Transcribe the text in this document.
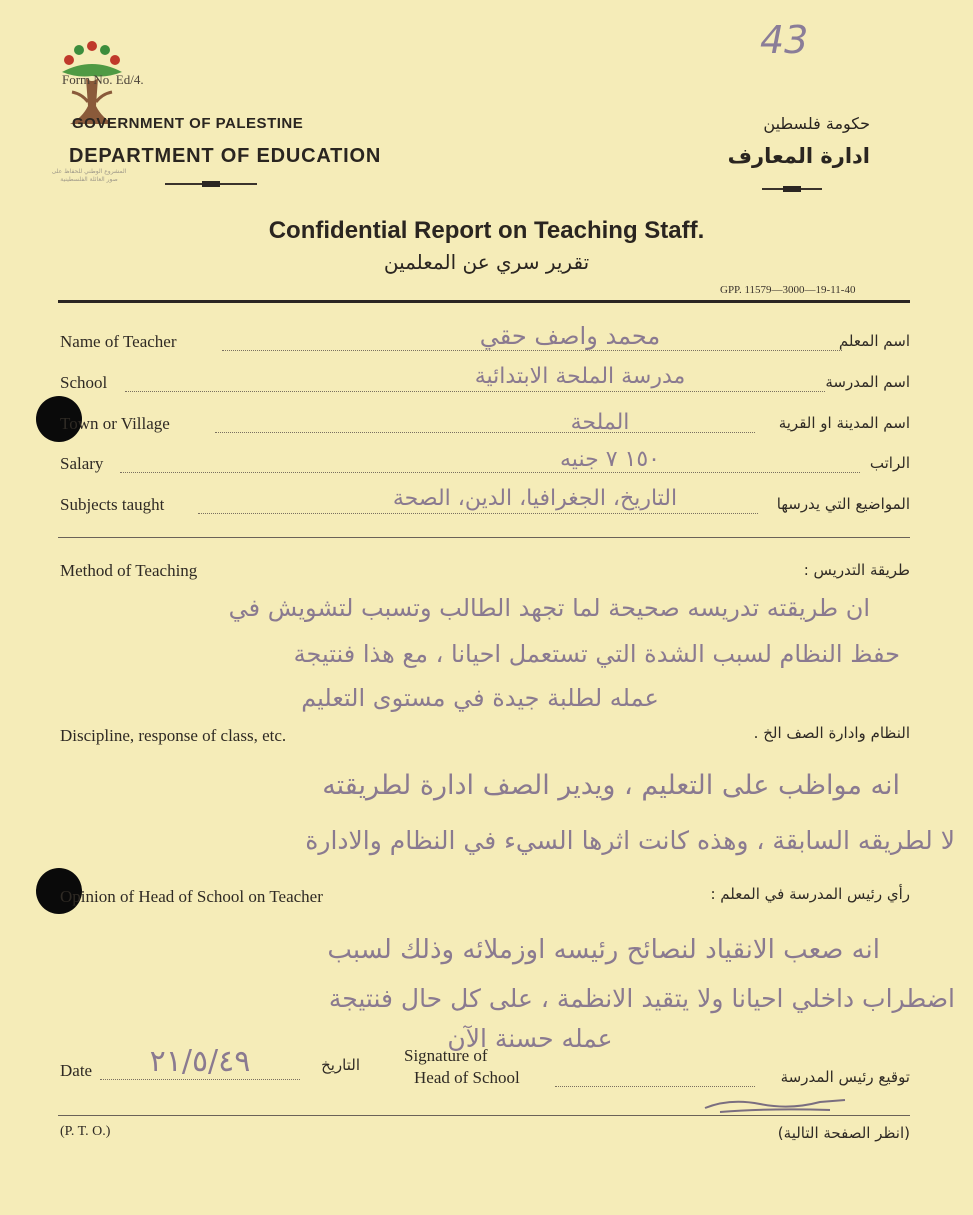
43
المشروع الوطني للحفاظ على
صور العائلة الفلسطينية
Form No. Ed/4.
GOVERNMENT OF PALESTINE
DEPARTMENT OF EDUCATION
حكومة فلسطين
ادارة المعارف
Confidential Report on Teaching Staff.
تقرير سري عن المعلمين
GPP. 11579—3000—19-11-40
Name of Teacher	محمد واصف حقي	اسم المعلم
School	مدرسة الملحة الابتدائية	اسم المدرسة
Town or Village	الملحة	اسم المدينة او القرية
Salary	١٥٠ ٧ جنيه	الراتب
Subjects taught	التاريخ، الجغرافيا، الدين، الصحة	المواضيع التي يدرسها
Method of Teaching	طريقة التدريس :
ان طريقته تدريسه صحيحة لما تجهد الطالب وتسبب لتشويش في
حفظ النظام لسبب الشدة التي تستعمل احيانا ، مع هذا فنتيجة
عمله لطلبة جيدة في مستوى التعليم
Discipline, response of class, etc.	النظام وادارة الصف الخ .
انه مواظب على التعليم ، ويدير الصف ادارة لطريقته
لا لطريقه السابقة ، وهذه كانت اثرها السيء في النظام والادارة
Opinion of Head of School on Teacher	رأي رئيس المدرسة في المعلم :
انه صعب الانقياد لنصائح رئيسه اوزملائه وذلك لسبب
اضطراب داخلي احيانا ولا يتقيد الانظمة ، على كل حال فنتيجة
عمله حسنة الآن
Date	٢١/٥/٤٩	التاريخ	Signature of
Head of School	توقيع رئيس المدرسة
(P. T. O.)	(انظر الصفحة التالية)
